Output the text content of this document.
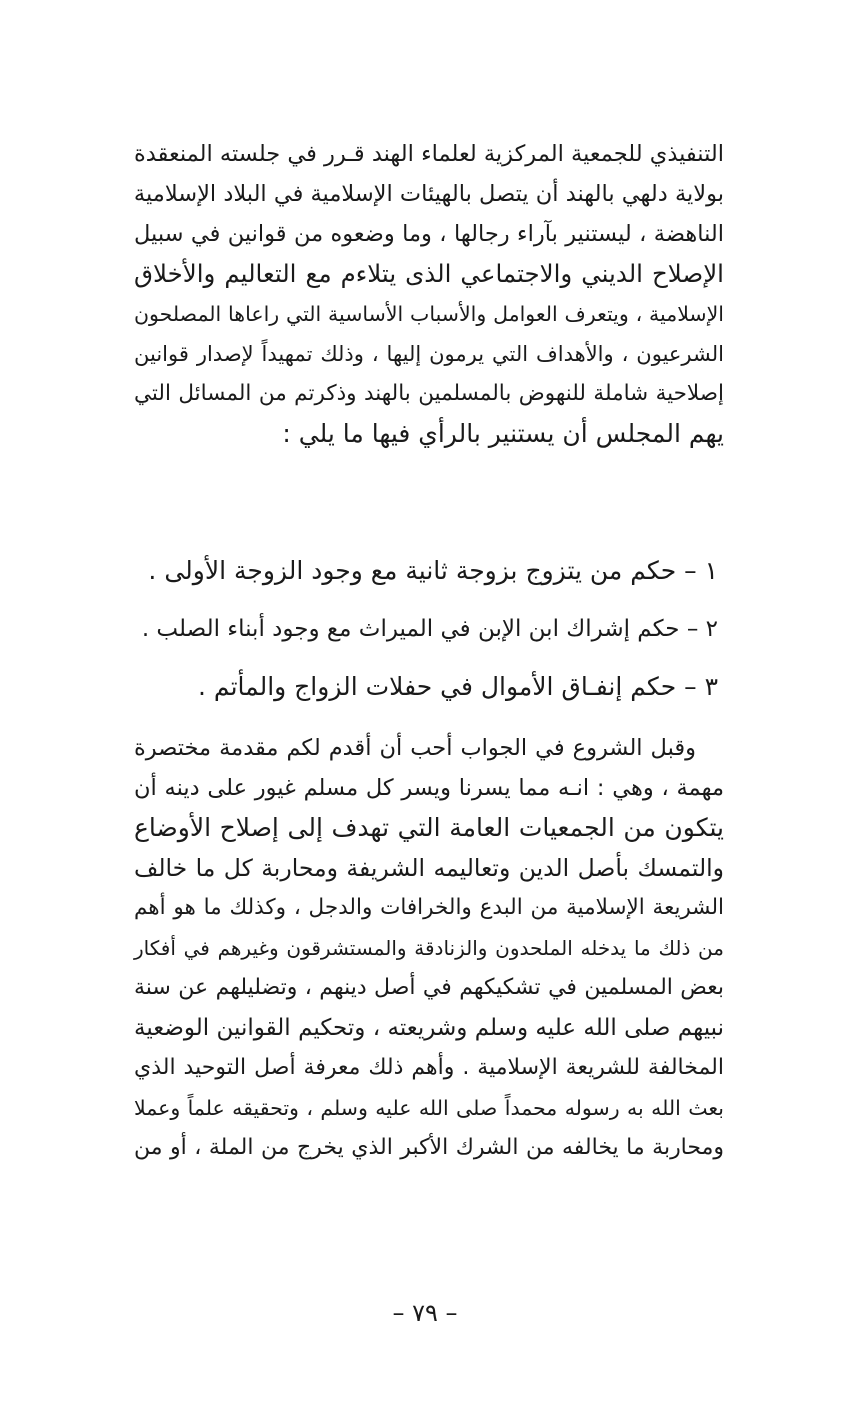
التنفيذي للجمعية المركزية لعلماء الهند قـرر في جلسته المنعقدة
بولاية دلهي بالهند أن يتصل بالهيئات الإسلامية في البلاد الإسلامية
الناهضة ، ليستنير بآراء رجالها ، وما وضعوه من قوانين في سبيل
الإصلاح الديني والاجتماعي الذى يتلاءم مع التعاليم والأخلاق
الإسلامية ، ويتعرف العوامل والأسباب الأساسية التي راعاها المصلحون
الشرعيون ، والأهداف التي يرمون إليها ، وذلك تمهيداً لإصدار قوانين
إصلاحية شاملة للنهوض بالمسلمين بالهند وذكرتم من المسائل التي
يهم المجلس أن يستنير بالرأي فيها ما يلي :
١ – حكم من يتزوج بزوجة ثانية مع وجود الزوجة الأولى .
٢ – حكم إشراك ابن الإبن في الميراث مع وجود أبناء الصلب .
٣ – حكم إنفـاق الأموال في حفلات الزواج والمأتم .
وقبل الشروع في الجواب أحب أن أقدم لكم مقدمة مختصرة
مهمة ، وهي : انـه مما يسرنا ويسر كل مسلم غيور على دينه أن
يتكون من الجمعيات العامة التي تهدف إلى إصلاح الأوضاع
والتمسك بأصل الدين وتعاليمه الشريفة ومحاربة كل ما خالف
الشريعة الإسلامية من البدع والخرافات والدجل ، وكذلك ما هو أهم
من ذلك ما يدخله الملحدون والزنادقة والمستشرقون وغيرهم في أفكار
بعض المسلمين في تشكيكهم في أصل دينهم ، وتضليلهم عن سنة
نبيهم صلى الله عليه وسلم وشريعته ، وتحكيم القوانين الوضعية
المخالفة للشريعة الإسلامية . وأهم ذلك معرفة أصل التوحيد الذي
بعث الله به رسوله محمداً صلى الله عليه وسلم ، وتحقيقه علماً وعملا
ومحاربة ما يخالفه من الشرك الأكبر الذي يخرج من الملة ، أو من
– ٧٩ –
